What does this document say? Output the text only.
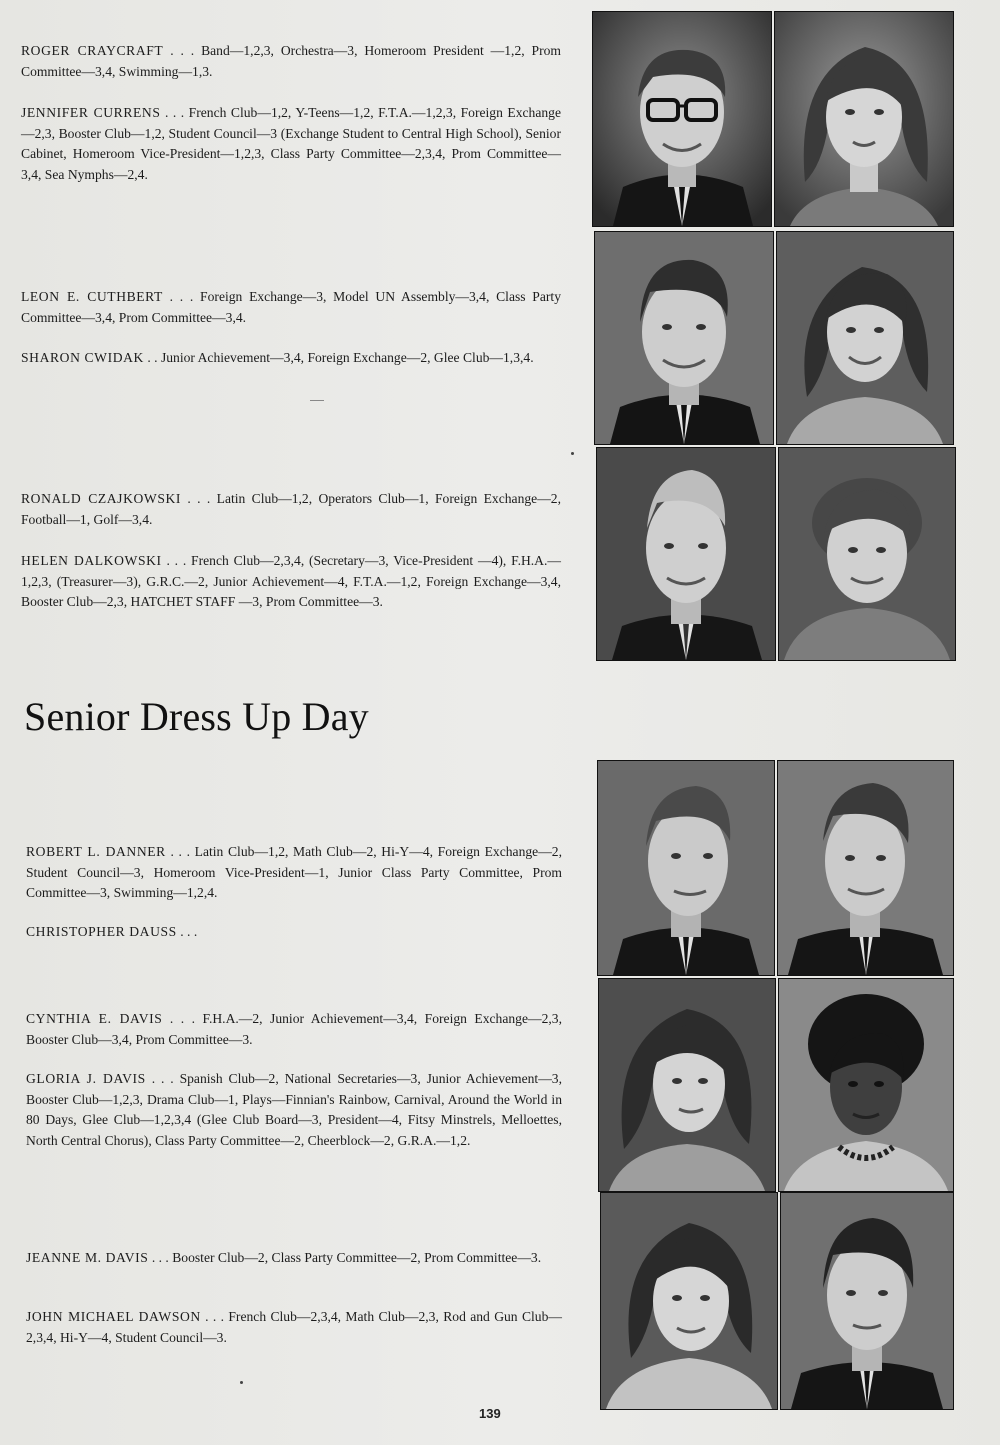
ROGER CRAYCRAFT . . . Band—1,2,3, Orchestra—3, Homeroom President —1,2, Prom Committee—3,4, Swimming—1,3.
JENNIFER CURRENS . . . French Club—1,2, Y-Teens—1,2, F.T.A.—1,2,3, Foreign Exchange—2,3, Booster Club—1,2, Student Council—3 (Exchange Student to Central High School), Senior Cabinet, Homeroom Vice-President—1,2,3, Class Party Committee—2,3,4, Prom Committee—3,4, Sea Nymphs—2,4.
LEON E. CUTHBERT . . . Foreign Exchange—3, Model UN Assembly—3,4, Class Party Committee—3,4, Prom Committee—3,4.
SHARON CWIDAK . . Junior Achievement—3,4, Foreign Exchange—2, Glee Club—1,3,4.
RONALD CZAJKOWSKI . . . Latin Club—1,2, Operators Club—1, Foreign Exchange—2, Football—1, Golf—3,4.
HELEN DALKOWSKI . . . French Club—2,3,4, (Secretary—3, Vice-President —4), F.H.A.—1,2,3, (Treasurer—3), G.R.C.—2, Junior Achievement—4, F.T.A.—1,2, Foreign Exchange—3,4, Booster Club—2,3, HATCHET STAFF —3, Prom Committee—3.
Senior Dress Up Day
ROBERT L. DANNER . . . Latin Club—1,2, Math Club—2, Hi-Y—4, Foreign Exchange—2, Student Council—3, Homeroom Vice-President—1, Junior Class Party Committee, Prom Committee—3, Swimming—1,2,4.
CHRISTOPHER DAUSS . . .
CYNTHIA E. DAVIS . . . F.H.A.—2, Junior Achievement—3,4, Foreign Exchange—2,3, Booster Club—3,4, Prom Committee—3.
GLORIA J. DAVIS . . . Spanish Club—2, National Secretaries—3, Junior Achievement—3, Booster Club—1,2,3, Drama Club—1, Plays—Finnian's Rainbow, Carnival, Around the World in 80 Days, Glee Club—1,2,3,4 (Glee Club Board—3, President—4, Fitsy Minstrels, Melloettes, North Central Chorus), Class Party Committee—2, Cheerblock—2, G.R.A.—1,2.
JEANNE M. DAVIS . . . Booster Club—2, Class Party Committee—2, Prom Committee—3.
JOHN MICHAEL DAWSON . . . French Club—2,3,4, Math Club—2,3, Rod and Gun Club—2,3,4, Hi-Y—4, Student Council—3.
139
